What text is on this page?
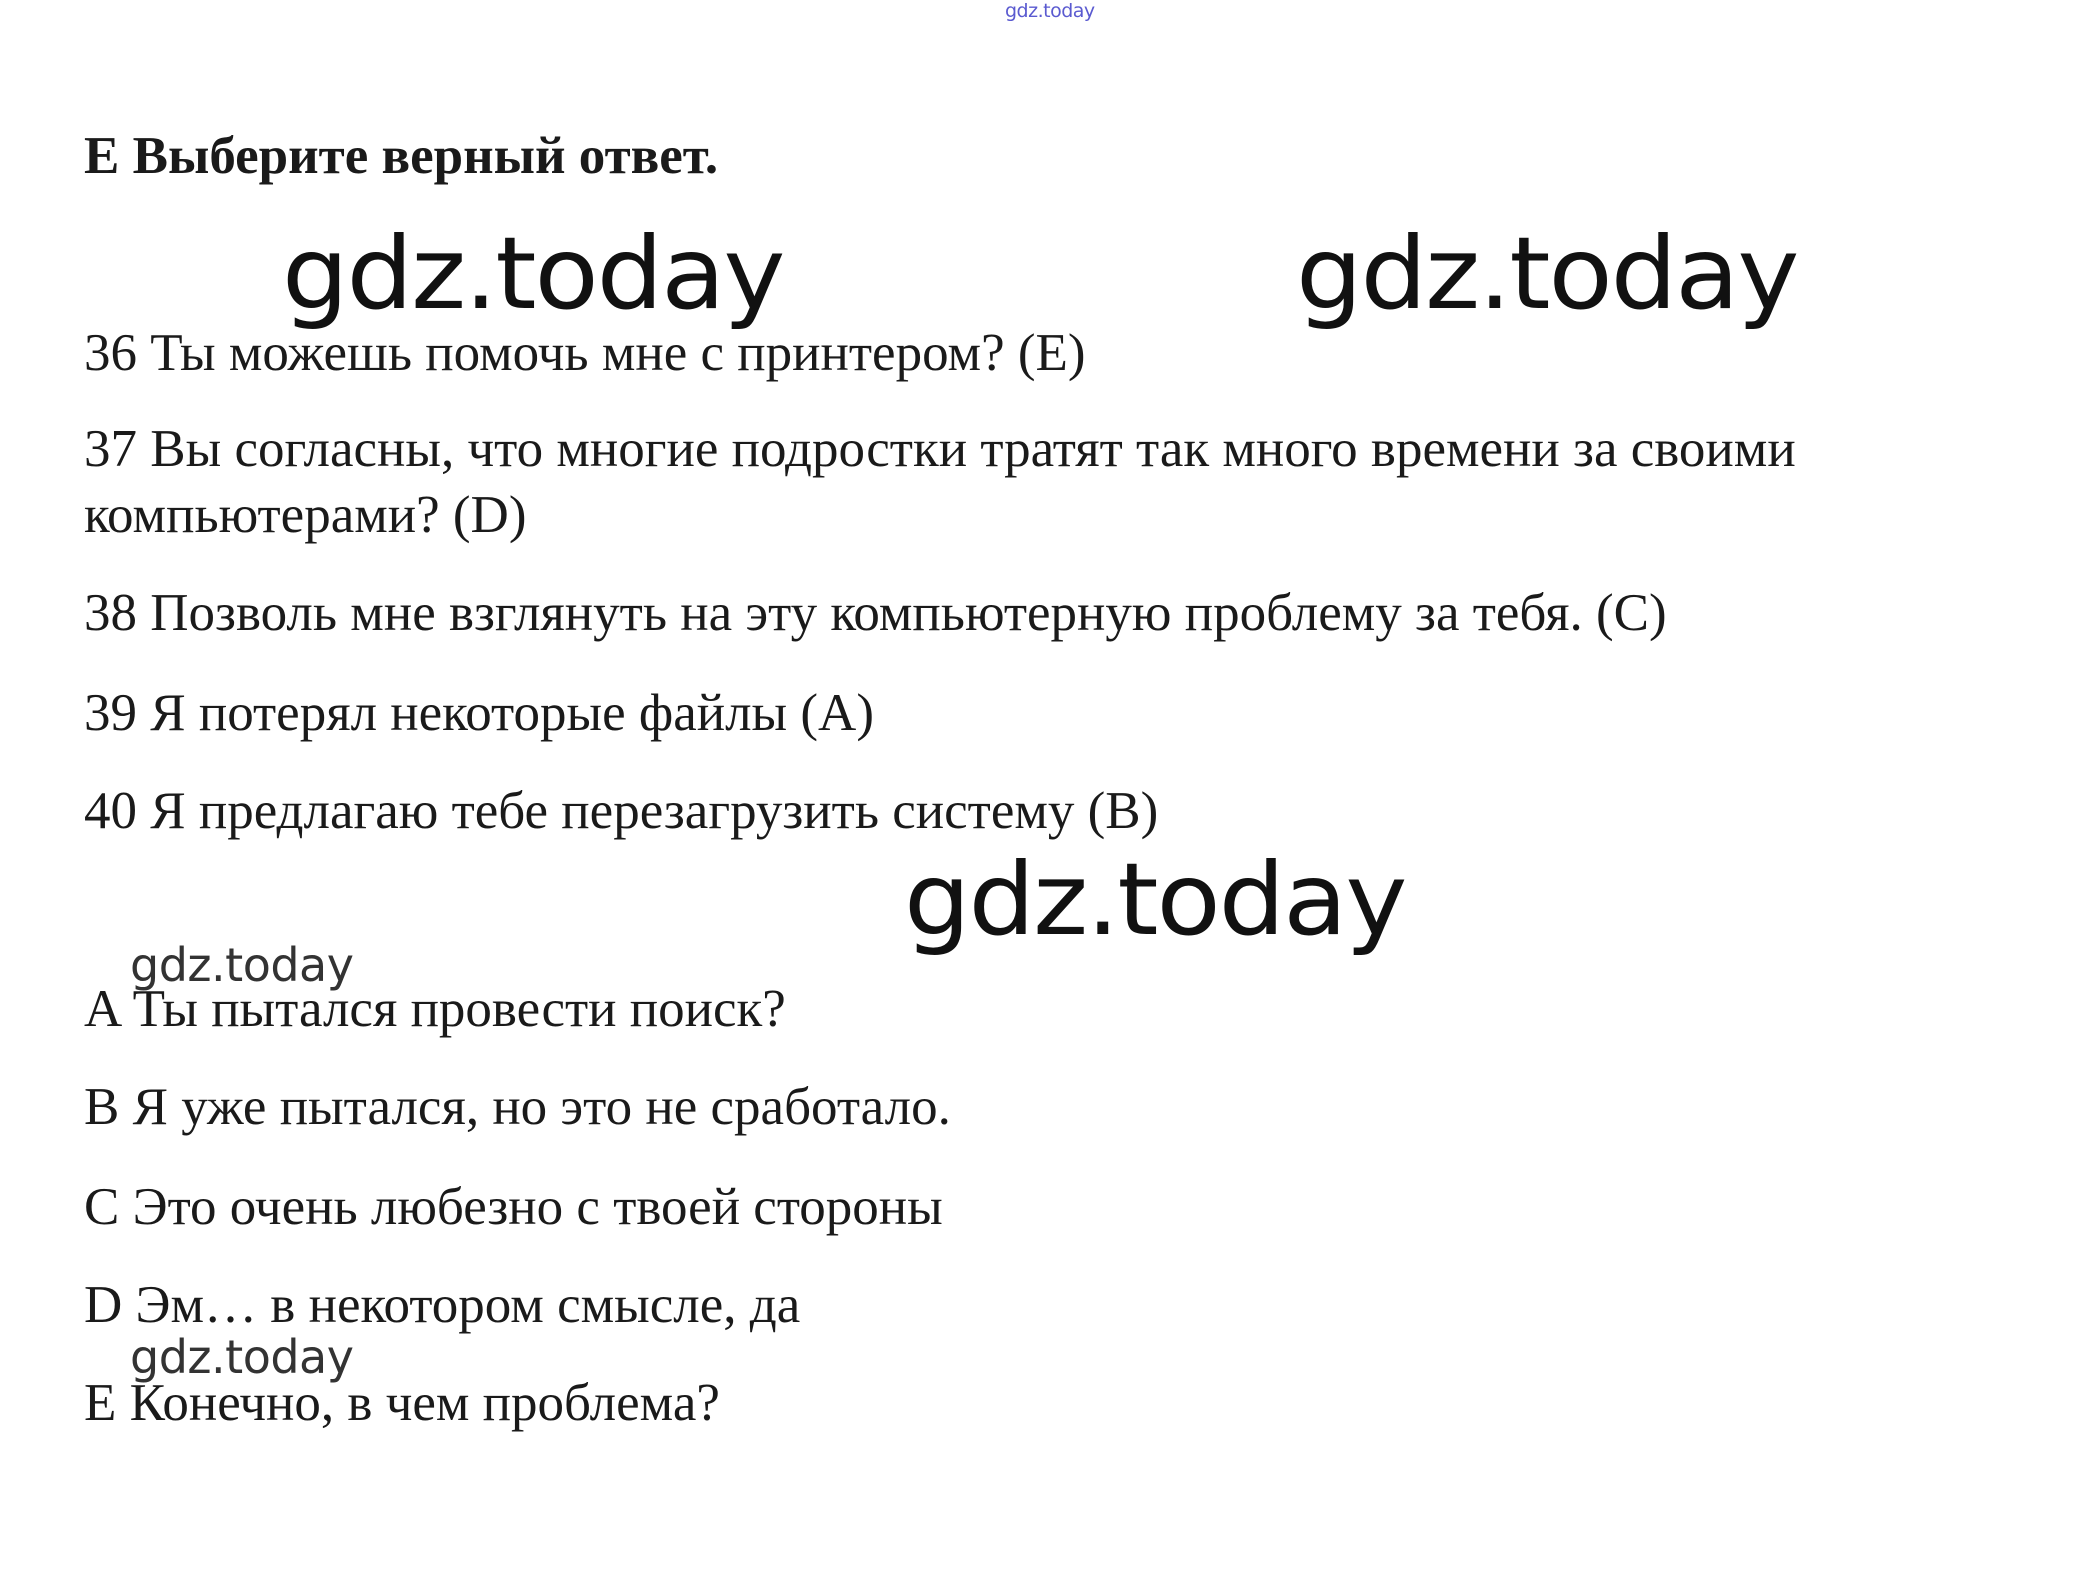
gdz.today
E Выберите верный ответ.
gdz.today	gdz.today

36 Ты можешь помочь мне с принтером? (E)

37 Вы согласны, что многие подростки тратят так много времени за своими

компьютерами? (D)

38 Позволь мне взглянуть на эту компьютерную проблему за тебя. (C)

39 Я потерял некоторые файлы (A)

40 Я предлагаю тебе перезагрузить систему (B)

gdz.today
gdz.today

A Ты пытался провести поиск?

B Я уже пытался, но это не сработало.

C Это очень любезно с твоей стороны

D Эм… в некотором смысле, да

gdz.today

E Конечно, в чем проблема?
